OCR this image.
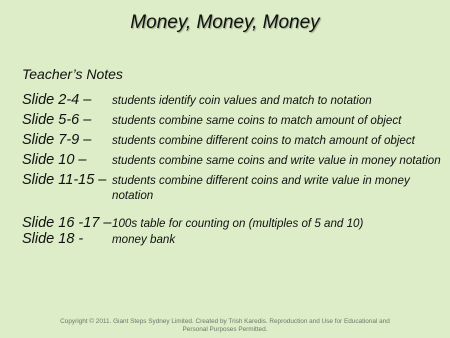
Money, Money, Money
Teacher’s Notes
Slide 2-4 –	students identify coin values and match to notation
Slide 5-6 –	students combine same coins to match amount of object
Slide 7-9 –	students combine different coins to match amount of object
Slide 10 –	students combine same coins and write value in money notation
Slide 11-15 – students combine different coins and write value in money notation
Slide 16 -17 – 100s table for counting on (multiples of 5 and 10)
Slide 18 -	money bank
Copyright © 2011. Giant Steps Sydney Limited. Created by Trish Karedis. Reproduction and Use for Educational and Personal Purposes Permitted.
